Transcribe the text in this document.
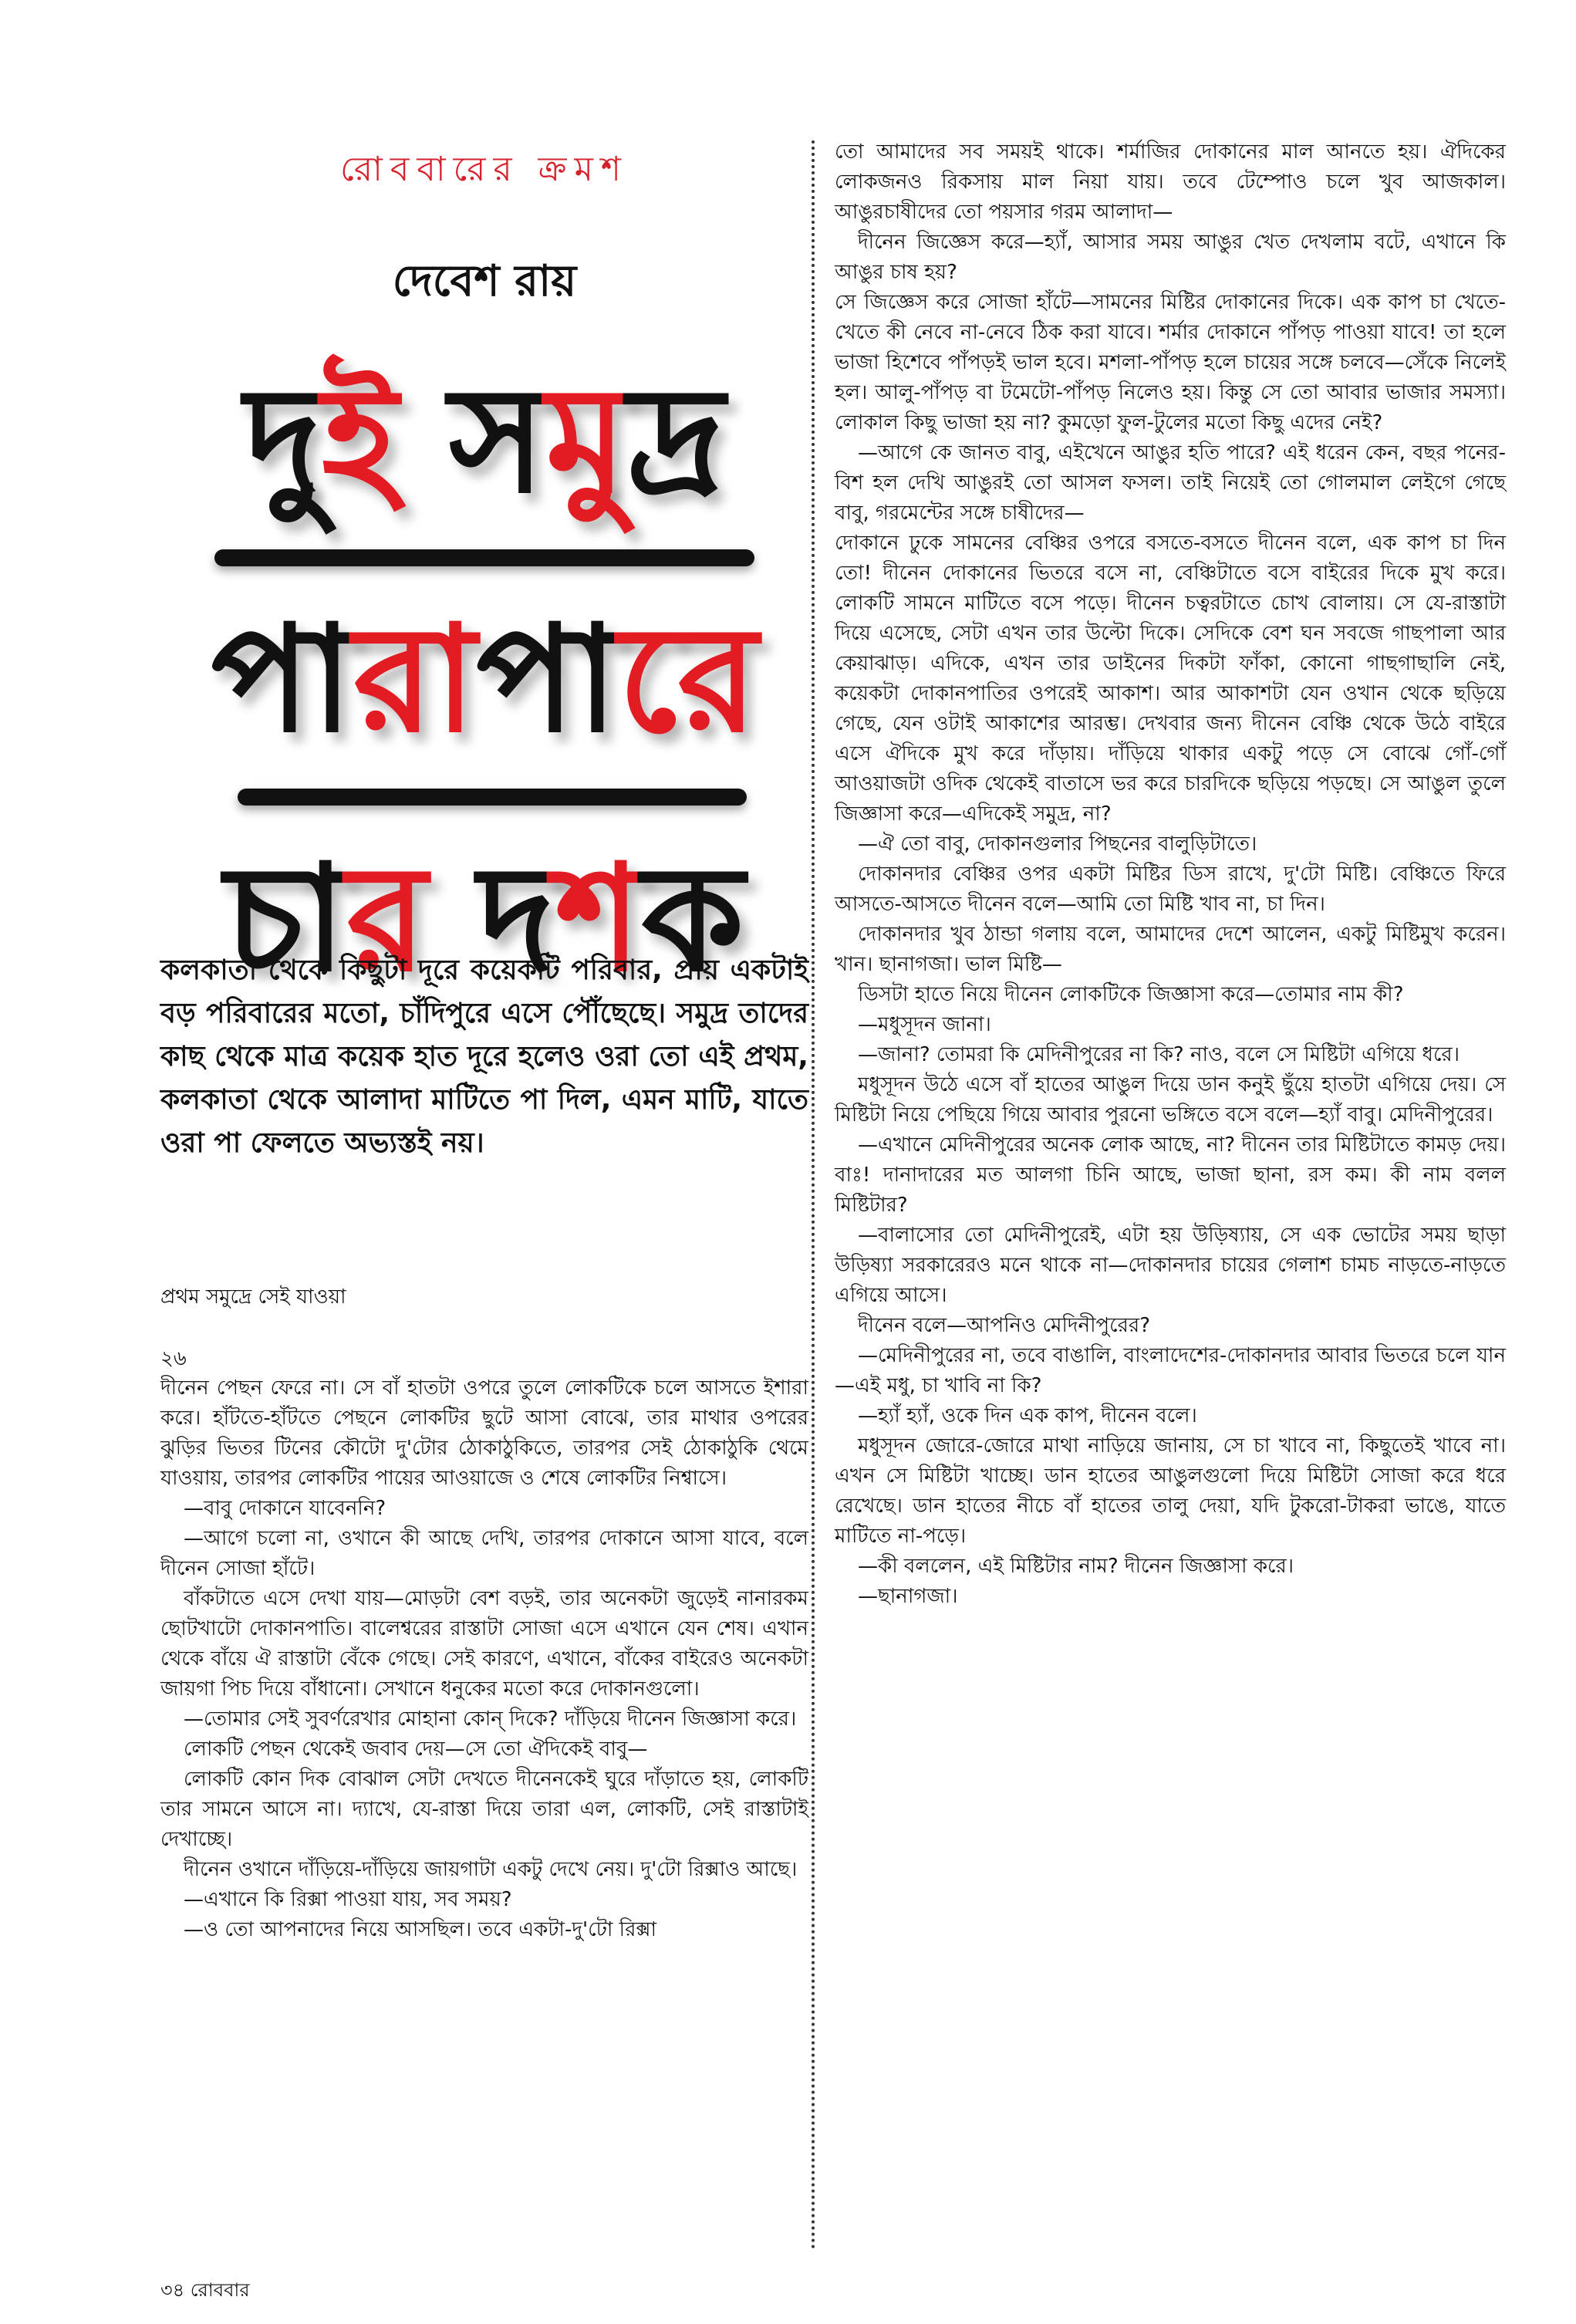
রোববারের ক্রমশ

দেবেশ রায়

দুই সমুদ্র
পারাপারে
চার দশক

কলকাতা থেকে কিছুটা দূরে কয়েকটি পরিবার, প্রায় একটাই বড় পরিবারের মতো, চাঁদিপুরে এসে পৌঁছেছে। সমুদ্র তাদের কাছ থেকে মাত্র কয়েক হাত দূরে হলেও ওরা তো এই প্রথম, কলকাতা থেকে আলাদা মাটিতে পা দিল, এমন মাটি, যাতে ওরা পা ফেলতে অভ্যস্তই নয়।

প্রথম সমুদ্রে সেই যাওয়া

২৬

দীনেন পেছন ফেরে না। সে বাঁ হাতটা ওপরে তুলে লোকটিকে চলে আসতে ইশারা করে। হাঁটতে-হাঁটতে পেছনে লোকটির ছুটে আসা বোঝে, তার মাথার ওপরের ঝুড়ির ভিতর টিনের কৌটো দু'টোর ঠোকাঠুকিতে, তারপর সেই ঠোকাঠুকি থেমে যাওয়ায়, তারপর লোকটির পায়ের আওয়াজে ও শেষে লোকটির নিশ্বাসে।

—বাবু দোকানে যাবেননি?

—আগে চলো না, ওখানে কী আছে দেখি, তারপর দোকানে আসা যাবে, বলে দীনেন সোজা হাঁটে।

বাঁকটাতে এসে দেখা যায়—মোড়টা বেশ বড়ই, তার অনেকটা জুড়েই নানারকম ছোটখাটো দোকানপাতি। বালেশ্বরের রাস্তাটা সোজা এসে এখানে যেন শেষ। এখান থেকে বাঁয়ে ঐ রাস্তাটা বেঁকে গেছে। সেই কারণে, এখানে, বাঁকের বাইরেও অনেকটা জায়গা পিচ দিয়ে বাঁধানো। সেখানে ধনুকের মতো করে দোকানগুলো।

—তোমার সেই সুবর্ণরেখার মোহানা কোন্ দিকে? দাঁড়িয়ে দীনেন জিজ্ঞাসা করে।

লোকটি পেছন থেকেই জবাব দেয়—সে তো ঐদিকেই বাবু—

লোকটি কোন দিক বোঝাল সেটা দেখতে দীনেনকেই ঘুরে দাঁড়াতে হয়, লোকটি তার সামনে আসে না। দ্যাখে, যে-রাস্তা দিয়ে তারা এল, লোকটি, সেই রাস্তাটাই দেখাচ্ছে।

দীনেন ওখানে দাঁড়িয়ে-দাঁড়িয়ে জায়গাটা একটু দেখে নেয়। দু'টো রিক্সাও আছে।

—এখানে কি রিক্সা পাওয়া যায়, সব সময়?

—ও তো আপনাদের নিয়ে আসছিল। তবে একটা-দু'টো রিক্সা

তো আমাদের সব সময়ই থাকে। শর্মাজির দোকানের মাল আনতে হয়। ঐদিকের লোকজনও রিকসায় মাল নিয়া যায়। তবে টেম্পোও চলে খুব আজকাল। আঙুরচাষীদের তো পয়সার গরম আলাদা—

দীনেন জিজ্ঞেস করে—হ্যাঁ, আসার সময় আঙুর খেত দেখলাম বটে, এখানে কি আঙুর চাষ হয়?

সে জিজ্ঞেস করে সোজা হাঁটে—সামনের মিষ্টির দোকানের দিকে। এক কাপ চা খেতে-খেতে কী নেবে না-নেবে ঠিক করা যাবে। শর্মার দোকানে পাঁপড় পাওয়া যাবে! তা হলে ভাজা হিশেবে পাঁপড়ই ভাল হবে। মশলা-পাঁপড় হলে চায়ের সঙ্গে চলবে—সেঁকে নিলেই হল। আলু-পাঁপড় বা টমেটো-পাঁপড় নিলেও হয়। কিন্তু সে তো আবার ভাজার সমস্যা। লোকাল কিছু ভাজা হয় না? কুমড়ো ফুল-টুলের মতো কিছু এদের নেই?

—আগে কে জানত বাবু, এইখেনে আঙুর হতি পারে? এই ধরেন কেন, বছর পনের-বিশ হল দেখি আঙুরই তো আসল ফসল। তাই নিয়েই তো গোলমাল লেইগে গেছে বাবু, গরমেন্টের সঙ্গে চাষীদের—

দোকানে ঢুকে সামনের বেঞ্চির ওপরে বসতে-বসতে দীনেন বলে, এক কাপ চা দিন তো! দীনেন দোকানের ভিতরে বসে না, বেঞ্চিটাতে বসে বাইরের দিকে মুখ করে। লোকটি সামনে মাটিতে বসে পড়ে। দীনেন চত্বরটাতে চোখ বোলায়। সে যে-রাস্তাটা দিয়ে এসেছে, সেটা এখন তার উল্টো দিকে। সেদিকে বেশ ঘন সবজে গাছপালা আর কেয়াঝাড়। এদিকে, এখন তার ডাইনের দিকটা ফাঁকা, কোনো গাছগাছালি নেই, কয়েকটা দোকানপাতির ওপরেই আকাশ। আর আকাশটা যেন ওখান থেকে ছড়িয়ে গেছে, যেন ওটাই আকাশের আরম্ভ। দেখবার জন্য দীনেন বেঞ্চি থেকে উঠে বাইরে এসে ঐদিকে মুখ করে দাঁড়ায়। দাঁড়িয়ে থাকার একটু পড়ে সে বোঝে গোঁ-গোঁ আওয়াজটা ওদিক থেকেই বাতাসে ভর করে চারদিকে ছড়িয়ে পড়ছে। সে আঙুল তুলে জিজ্ঞাসা করে—এদিকেই সমুদ্র, না?

—ঐ তো বাবু, দোকানগুলার পিছনের বালুড়িটাতে।

দোকানদার বেঞ্চির ওপর একটা মিষ্টির ডিস রাখে, দু'টো মিষ্টি। বেঞ্চিতে ফিরে আসতে-আসতে দীনেন বলে—আমি তো মিষ্টি খাব না, চা দিন।

দোকানদার খুব ঠান্ডা গলায় বলে, আমাদের দেশে আলেন, একটু মিষ্টিমুখ করেন। খান। ছানাগজা। ভাল মিষ্টি—

ডিসটা হাতে নিয়ে দীনেন লোকটিকে জিজ্ঞাসা করে—তোমার নাম কী?

—মধুসূদন জানা।

—জানা? তোমরা কি মেদিনীপুরের না কি? নাও, বলে সে মিষ্টিটা এগিয়ে ধরে।

মধুসূদন উঠে এসে বাঁ হাতের আঙুল দিয়ে ডান কনুই ছুঁয়ে হাতটা এগিয়ে দেয়। সে মিষ্টিটা নিয়ে পেছিয়ে গিয়ে আবার পুরনো ভঙ্গিতে বসে বলে—হ্যাঁ বাবু। মেদিনীপুরের।

—এখানে মেদিনীপুরের অনেক লোক আছে, না? দীনেন তার মিষ্টিটাতে কামড় দেয়। বাঃ! দানাদারের মত আলগা চিনি আছে, ভাজা ছানা, রস কম। কী নাম বলল মিষ্টিটার?

—বালাসোর তো মেদিনীপুরেই, এটা হয় উড়িষ্যায়, সে এক ভোটের সময় ছাড়া উড়িষ্যা সরকারেরও মনে থাকে না—দোকানদার চায়ের গেলাশ চামচ নাড়তে-নাড়তে এগিয়ে আসে।

দীনেন বলে—আপনিও মেদিনীপুরের?

—মেদিনীপুরের না, তবে বাঙালি, বাংলাদেশের-দোকানদার আবার ভিতরে চলে যান—এই মধু, চা খাবি না কি?

—হ্যাঁ হ্যাঁ, ওকে দিন এক কাপ, দীনেন বলে।

মধুসূদন জোরে-জোরে মাথা নাড়িয়ে জানায়, সে চা খাবে না, কিছুতেই খাবে না। এখন সে মিষ্টিটা খাচ্ছে। ডান হাতের আঙুলগুলো দিয়ে মিষ্টিটা সোজা করে ধরে রেখেছে। ডান হাতের নীচে বাঁ হাতের তালু দেয়া, যদি টুকরো-টাকরা ভাঙে, যাতে মাটিতে না-পড়ে।

—কী বললেন, এই মিষ্টিটার নাম? দীনেন জিজ্ঞাসা করে।

—ছানাগজা।

৩৪ রোববার
